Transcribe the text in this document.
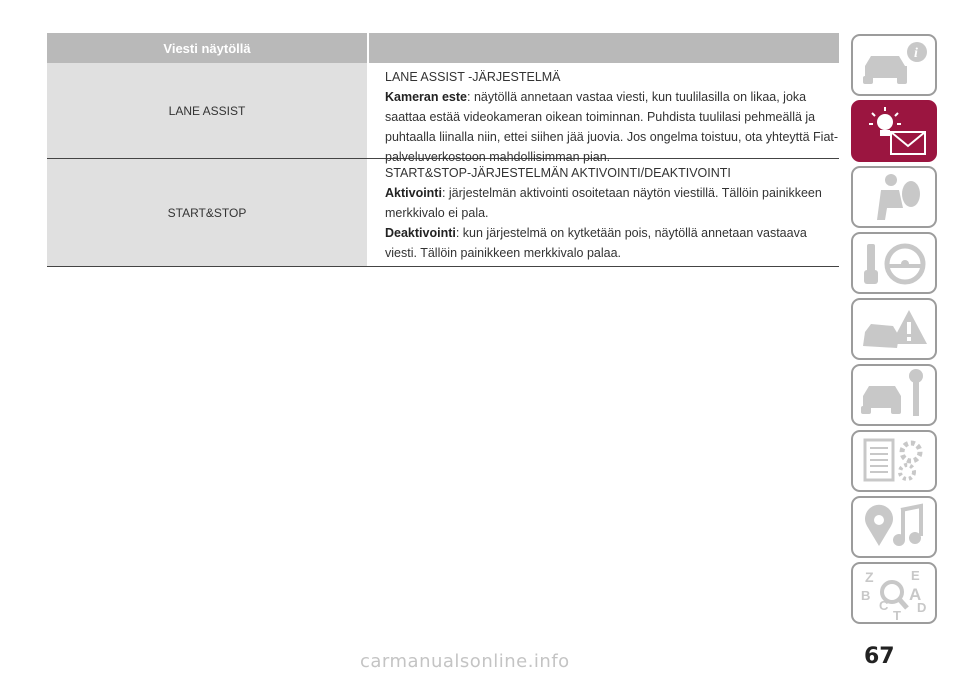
Viesti näytöllä
LANE ASSIST
LANE ASSIST -JÄRJESTELMÄ
Kameran este: näytöllä annetaan vastaa viesti, kun tuulilasilla on likaa, joka saattaa estää videokameran oikean toiminnan. Puhdista tuulilasi pehmeällä ja puhtaalla liinalla niin, ettei siihen jää juovia. Jos ongelma toistuu, ota yhteyttä Fiat-palveluverkostoon mahdollisimman pian.
START&STOP
START&STOP-JÄRJESTELMÄN AKTIVOINTI/DEAKTIVOINTI
Aktivointi: järjestelmän aktivointi osoitetaan näytön viestillä. Tällöin painikkeen merkkivalo ei pala.
Deaktivointi: kun järjestelmä on kytketään pois, näytöllä annetaan vastaava viesti. Tällöin painikkeen merkkivalo palaa.
i
Z	E
B A
C D
T
67
carmanualsonline.info
